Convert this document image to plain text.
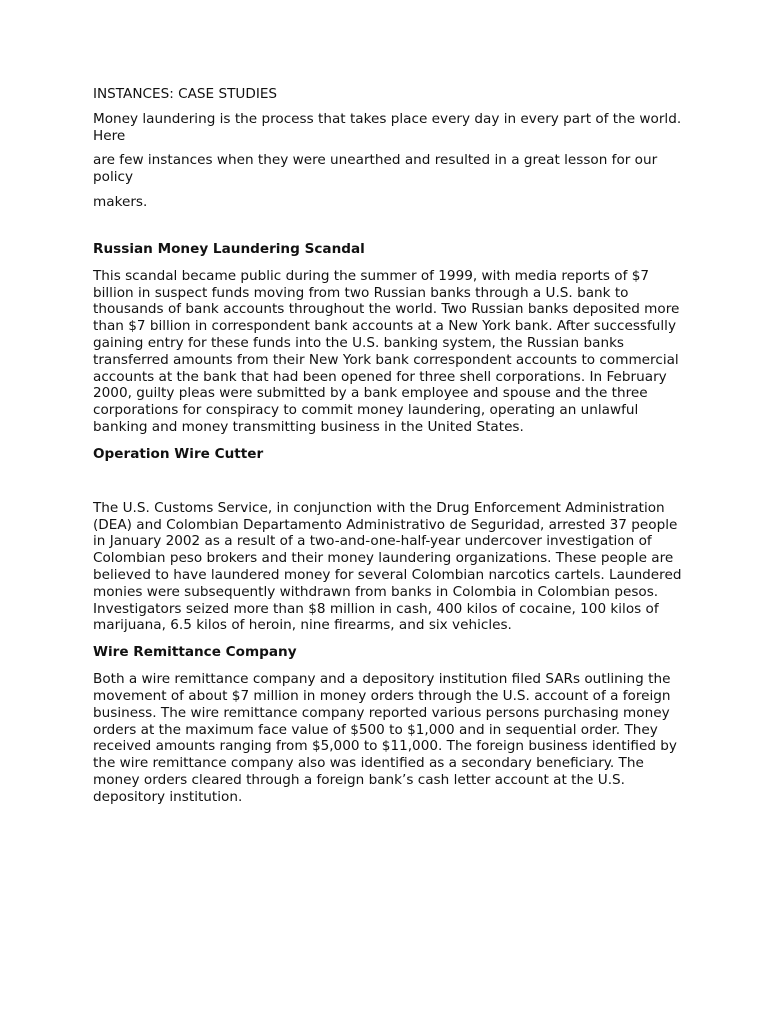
INSTANCES: CASE STUDIES

Money laundering is the process that takes place every day in every part of the world. Here

are few instances when they were unearthed and resulted in a great lesson for our policy

makers.

Russian Money Laundering Scandal

This scandal became public during the summer of 1999, with media reports of $7 billion in suspect funds moving from two Russian banks through a U.S. bank to thousands of bank accounts throughout the world. Two Russian banks deposited more than $7 billion in correspondent bank accounts at a New York bank. After successfully gaining entry for these funds into the U.S. banking system, the Russian banks transferred amounts from their New York bank correspondent accounts to commercial accounts at the bank that had been opened for three shell corporations. In February 2000, guilty pleas were submitted by a bank employee and spouse and the three corporations for conspiracy to commit money laundering, operating an unlawful banking and money transmitting business in the United States.

Operation Wire Cutter

The U.S. Customs Service, in conjunction with the Drug Enforcement Administration (DEA) and Colombian Departamento Administrativo de Seguridad, arrested 37 people in January 2002 as a result of a two-and-one-half-year undercover investigation of Colombian peso brokers and their money laundering organizations. These people are believed to have laundered money for several Colombian narcotics cartels. Laundered monies were subsequently withdrawn from banks in Colombia in Colombian pesos. Investigators seized more than $8 million in cash, 400 kilos of cocaine, 100 kilos of marijuana, 6.5 kilos of heroin, nine firearms, and six vehicles.

Wire Remittance Company

Both a wire remittance company and a depository institution filed SARs outlining the movement of about $7 million in money orders through the U.S. account of a foreign business. The wire remittance company reported various persons purchasing money orders at the maximum face value of $500 to $1,000 and in sequential order. They received amounts ranging from $5,000 to $11,000. The foreign business identified by the wire remittance company also was identified as a secondary beneficiary. The money orders cleared through a foreign bank’s cash letter account at the U.S. depository institution.
